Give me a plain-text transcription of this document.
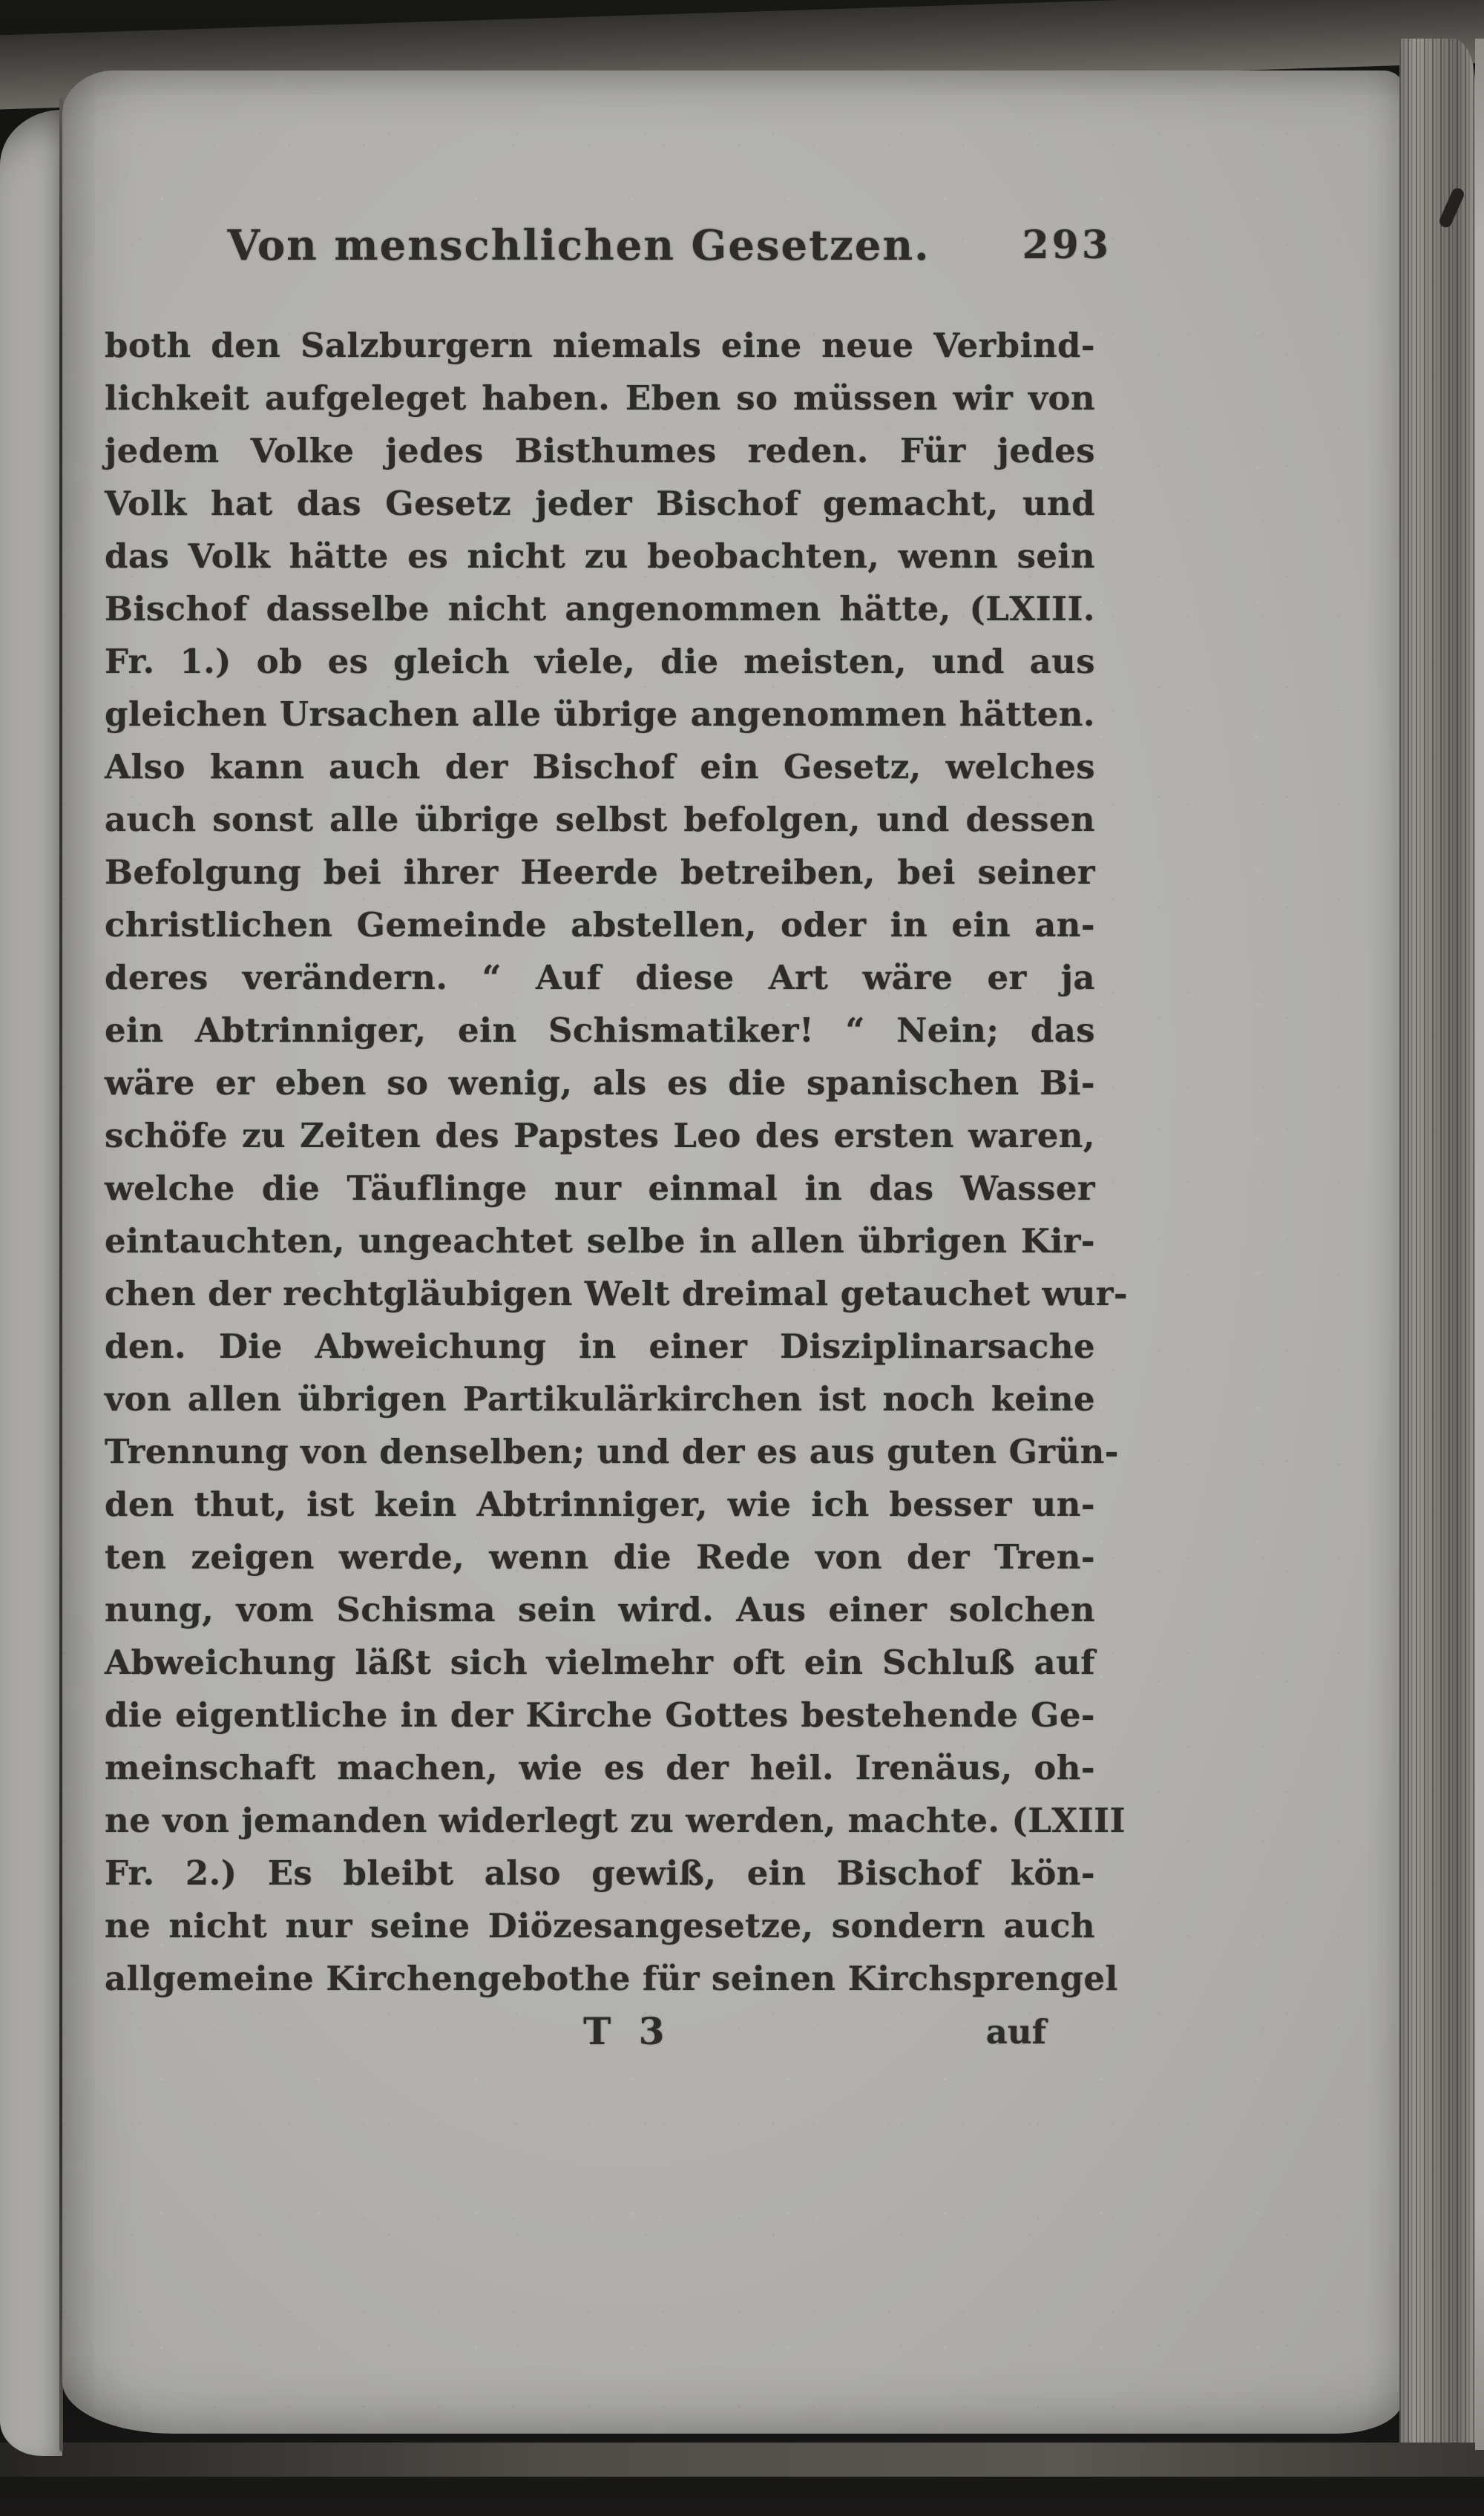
Von menschlichen Gesetzen. 293
both den Salzburgern niemals eine neue Verbind-
lichkeit aufgeleget haben. Eben so müssen wir von
jedem Volke jedes Bisthumes reden. Für jedes
Volk hat das Gesetz jeder Bischof gemacht, und
das Volk hätte es nicht zu beobachten, wenn sein
Bischof dasselbe nicht angenommen hätte, (LXIII.
Fr. 1.) ob es gleich viele, die meisten, und aus
gleichen Ursachen alle übrige angenommen hätten.
Also kann auch der Bischof ein Gesetz, welches
auch sonst alle übrige selbst befolgen, und dessen
Befolgung bei ihrer Heerde betreiben, bei seiner
christlichen Gemeinde abstellen, oder in ein an-
deres verändern. “ Auf diese Art wäre er ja
ein Abtrinniger, ein Schismatiker! “ Nein; das
wäre er eben so wenig, als es die spanischen Bi-
schöfe zu Zeiten des Papstes Leo des ersten waren,
welche die Täuflinge nur einmal in das Wasser
eintauchten, ungeachtet selbe in allen übrigen Kir-
chen der rechtgläubigen Welt dreimal getauchet wur-
den. Die Abweichung in einer Disziplinarsache
von allen übrigen Partikulärkirchen ist noch keine
Trennung von denselben; und der es aus guten Grün-
den thut, ist kein Abtrinniger, wie ich besser un-
ten zeigen werde, wenn die Rede von der Tren-
nung, vom Schisma sein wird. Aus einer solchen
Abweichung läßt sich vielmehr oft ein Schluß auf
die eigentliche in der Kirche Gottes bestehende Ge-
meinschaft machen, wie es der heil. Irenäus, oh-
ne von jemanden widerlegt zu werden, machte. (LXIII
Fr. 2.) Es bleibt also gewiß, ein Bischof kön-
ne nicht nur seine Diözesangesetze, sondern auch
allgemeine Kirchengebothe für seinen Kirchsprengel
T 3	auf
